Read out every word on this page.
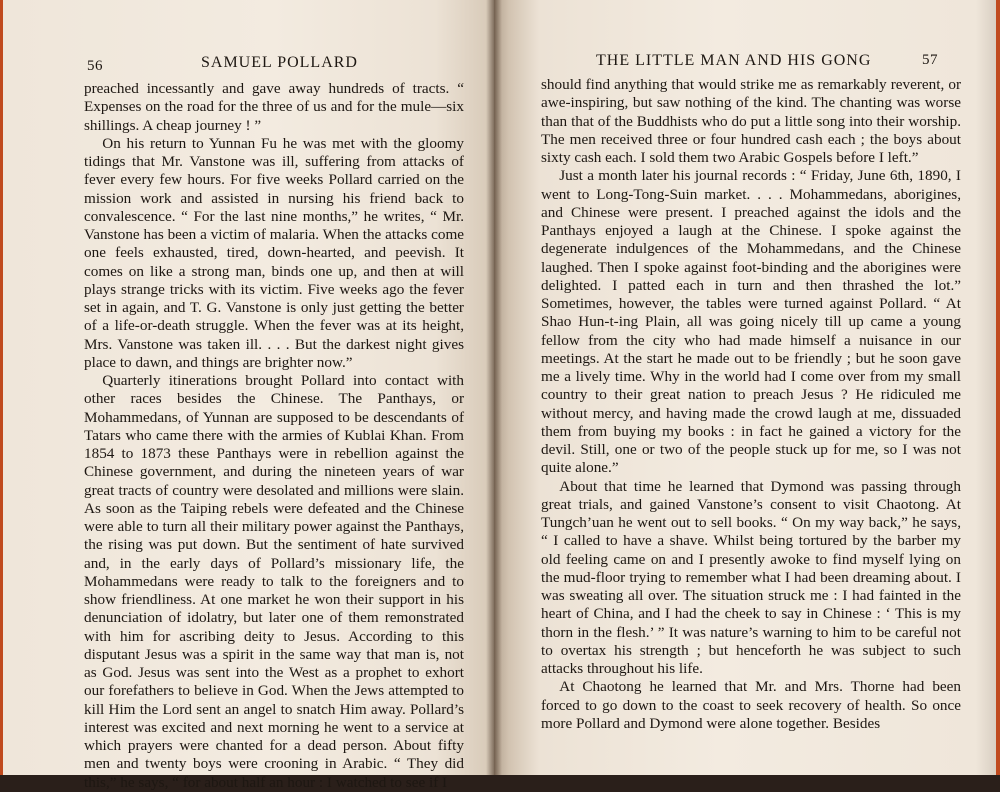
56	SAMUEL POLLARD

preached incessantly and gave away hundreds of tracts. “ Expenses on the road for the three of us and for the mule—six shillings. A cheap journey ! ”

On his return to Yunnan Fu he was met with the gloomy tidings that Mr. Vanstone was ill, suffering from attacks of fever every few hours. For five weeks Pollard carried on the mission work and assisted in nursing his friend back to convalescence. “ For the last nine months,” he writes, “ Mr. Vanstone has been a victim of malaria. When the attacks come one feels exhausted, tired, down-hearted, and peevish. It comes on like a strong man, binds one up, and then at will plays strange tricks with its victim. Five weeks ago the fever set in again, and T. G. Vanstone is only just getting the better of a life-or-death struggle. When the fever was at its height, Mrs. Vanstone was taken ill. . . . But the darkest night gives place to dawn, and things are brighter now.”

Quarterly itinerations brought Pollard into contact with other races besides the Chinese. The Panthays, or Mohammedans, of Yunnan are supposed to be descendants of Tatars who came there with the armies of Kublai Khan. From 1854 to 1873 these Panthays were in rebellion against the Chinese government, and during the nineteen years of war great tracts of country were desolated and millions were slain. As soon as the Taiping rebels were defeated and the Chinese were able to turn all their military power against the Panthays, the rising was put down. But the sentiment of hate survived and, in the early days of Pollard’s missionary life, the Mohammedans were ready to talk to the foreigners and to show friendliness. At one market he won their support in his denunciation of idolatry, but later one of them remonstrated with him for ascribing deity to Jesus. According to this disputant Jesus was a spirit in the same way that man is, not as God. Jesus was sent into the West as a prophet to exhort our forefathers to believe in God. When the Jews attempted to kill Him the Lord sent an angel to snatch Him away. Pollard’s interest was excited and next morning he went to a service at which prayers were chanted for a dead person. About fifty men and twenty boys were crooning in Arabic. “ They did this,” he says, “ for about half an hour : I watched to see if I

THE LITTLE MAN AND HIS GONG	57

should find anything that would strike me as remarkably reverent, or awe-inspiring, but saw nothing of the kind. The chanting was worse than that of the Buddhists who do put a little song into their worship. The men received three or four hundred cash each ; the boys about sixty cash each. I sold them two Arabic Gospels before I left.”

Just a month later his journal records : “ Friday, June 6th, 1890, I went to Long-Tong-Suin market. . . . Mohammedans, aborigines, and Chinese were present. I preached against the idols and the Panthays enjoyed a laugh at the Chinese. I spoke against the degenerate indulgences of the Mohammedans, and the Chinese laughed. Then I spoke against foot-binding and the aborigines were delighted. I patted each in turn and then thrashed the lot.” Sometimes, however, the tables were turned against Pollard. “ At Shao Hun-t-ing Plain, all was going nicely till up came a young fellow from the city who had made himself a nuisance in our meetings. At the start he made out to be friendly ; but he soon gave me a lively time. Why in the world had I come over from my small country to their great nation to preach Jesus ? He ridiculed me without mercy, and having made the crowd laugh at me, dissuaded them from buying my books : in fact he gained a victory for the devil. Still, one or two of the people stuck up for me, so I was not quite alone.”

About that time he learned that Dymond was passing through great trials, and gained Vanstone’s consent to visit Chaotong. At Tungch’uan he went out to sell books. “ On my way back,” he says, “ I called to have a shave. Whilst being tortured by the barber my old feeling came on and I presently awoke to find myself lying on the mud-floor trying to remember what I had been dreaming about. I was sweating all over. The situation struck me : I had fainted in the heart of China, and I had the cheek to say in Chinese : ‘ This is my thorn in the flesh.’ ” It was nature’s warning to him to be careful not to overtax his strength ; but henceforth he was subject to such attacks throughout his life.

At Chaotong he learned that Mr. and Mrs. Thorne had been forced to go down to the coast to seek recovery of health. So once more Pollard and Dymond were alone together. Besides
